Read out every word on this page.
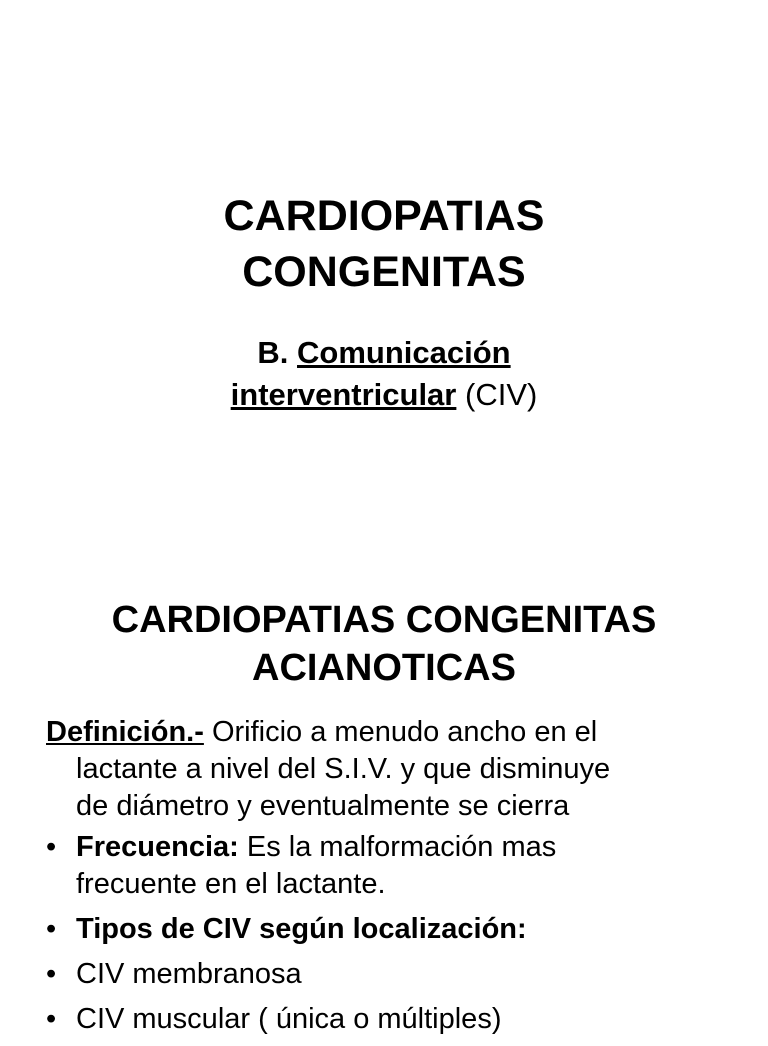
CARDIOPATIAS
CONGENITAS
B. Comunicación
interventricular (CIV)
CARDIOPATIAS CONGENITAS
ACIANOTICAS

Definición.- Orificio a menudo ancho en el
lactante a nivel del S.I.V. y que disminuye
de diámetro y eventualmente se cierra

• Frecuencia: Es la malformación mas
frecuente en el lactante.
• Tipos de CIV según localización:
• CIV membranosa
• CIV muscular ( única o múltiples)
